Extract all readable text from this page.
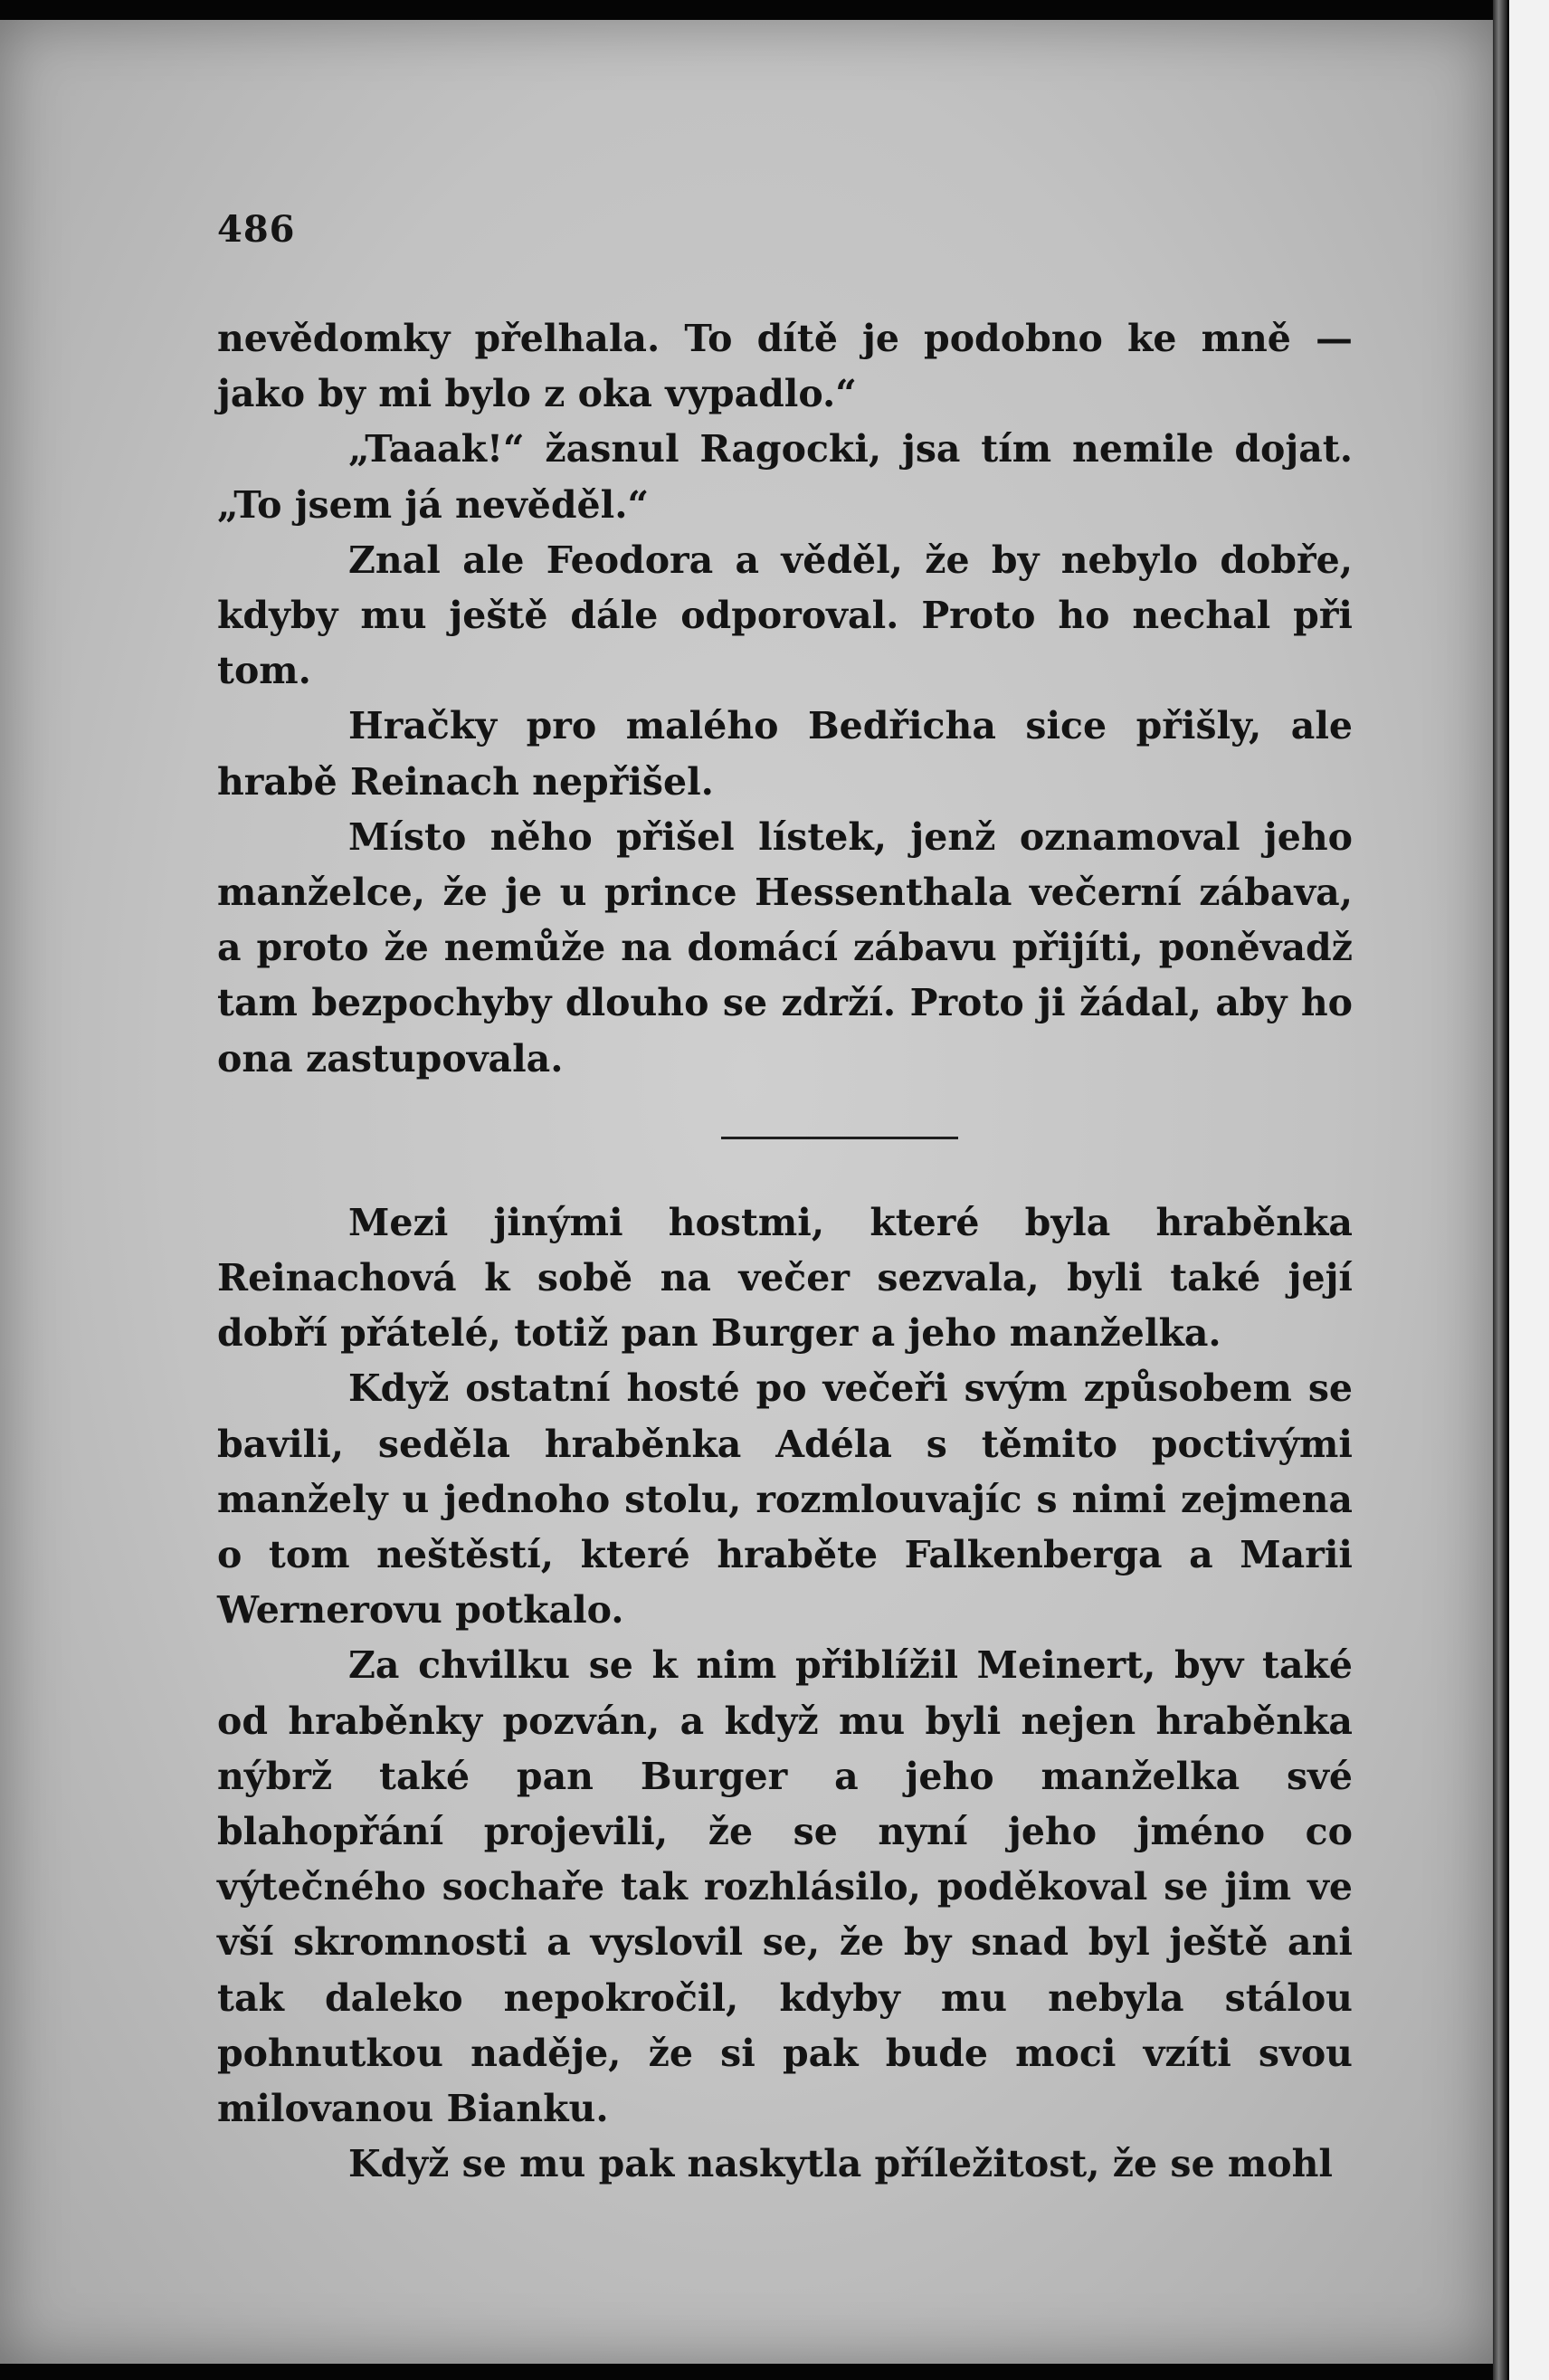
486

nevědomky přelhala. To dítě je podobno ke mně — jako by mi bylo z oka vypadlo.“

„Taaak!“ žasnul Ragocki, jsa tím nemile dojat. „To jsem já nevěděl.“

Znal ale Feodora a věděl, že by nebylo dobře, kdyby mu ještě dále odporoval. Proto ho nechal při tom.

Hračky pro malého Bedřicha sice přišly, ale hrabě Reinach nepřišel.

Místo něho přišel lístek, jenž oznamoval jeho manželce, že je u prince Hessenthala večerní zábava, a proto že nemůže na domácí zábavu přijíti, poněvadž tam bezpochyby dlouho se zdrží. Proto ji žádal, aby ho ona zastupovala.

Mezi jinými hostmi, které byla hraběnka Reinachová k sobě na večer sezvala, byli také její dobří přátelé, totiž pan Burger a jeho manželka.

Když ostatní hosté po večeři svým způsobem se bavili, seděla hraběnka Adéla s těmito poctivými manžely u jednoho stolu, rozmlouvajíc s nimi zejmena o tom neštěstí, které hraběte Falkenberga a Marii Wernerovu potkalo.

Za chvilku se k nim přiblížil Meinert, byv také od hraběnky pozván, a když mu byli nejen hraběnka nýbrž také pan Burger a jeho manželka své blahopřání projevili, že se nyní jeho jméno co výtečného sochaře tak rozhlásilo, poděkoval se jim ve vší skromnosti a vyslovil se, že by snad byl ještě ani tak daleko nepokročil, kdyby mu nebyla stálou pohnutkou naděje, že si pak bude moci vzíti svou milovanou Bianku.

Když se mu pak naskytla příležitost, že se mohl
